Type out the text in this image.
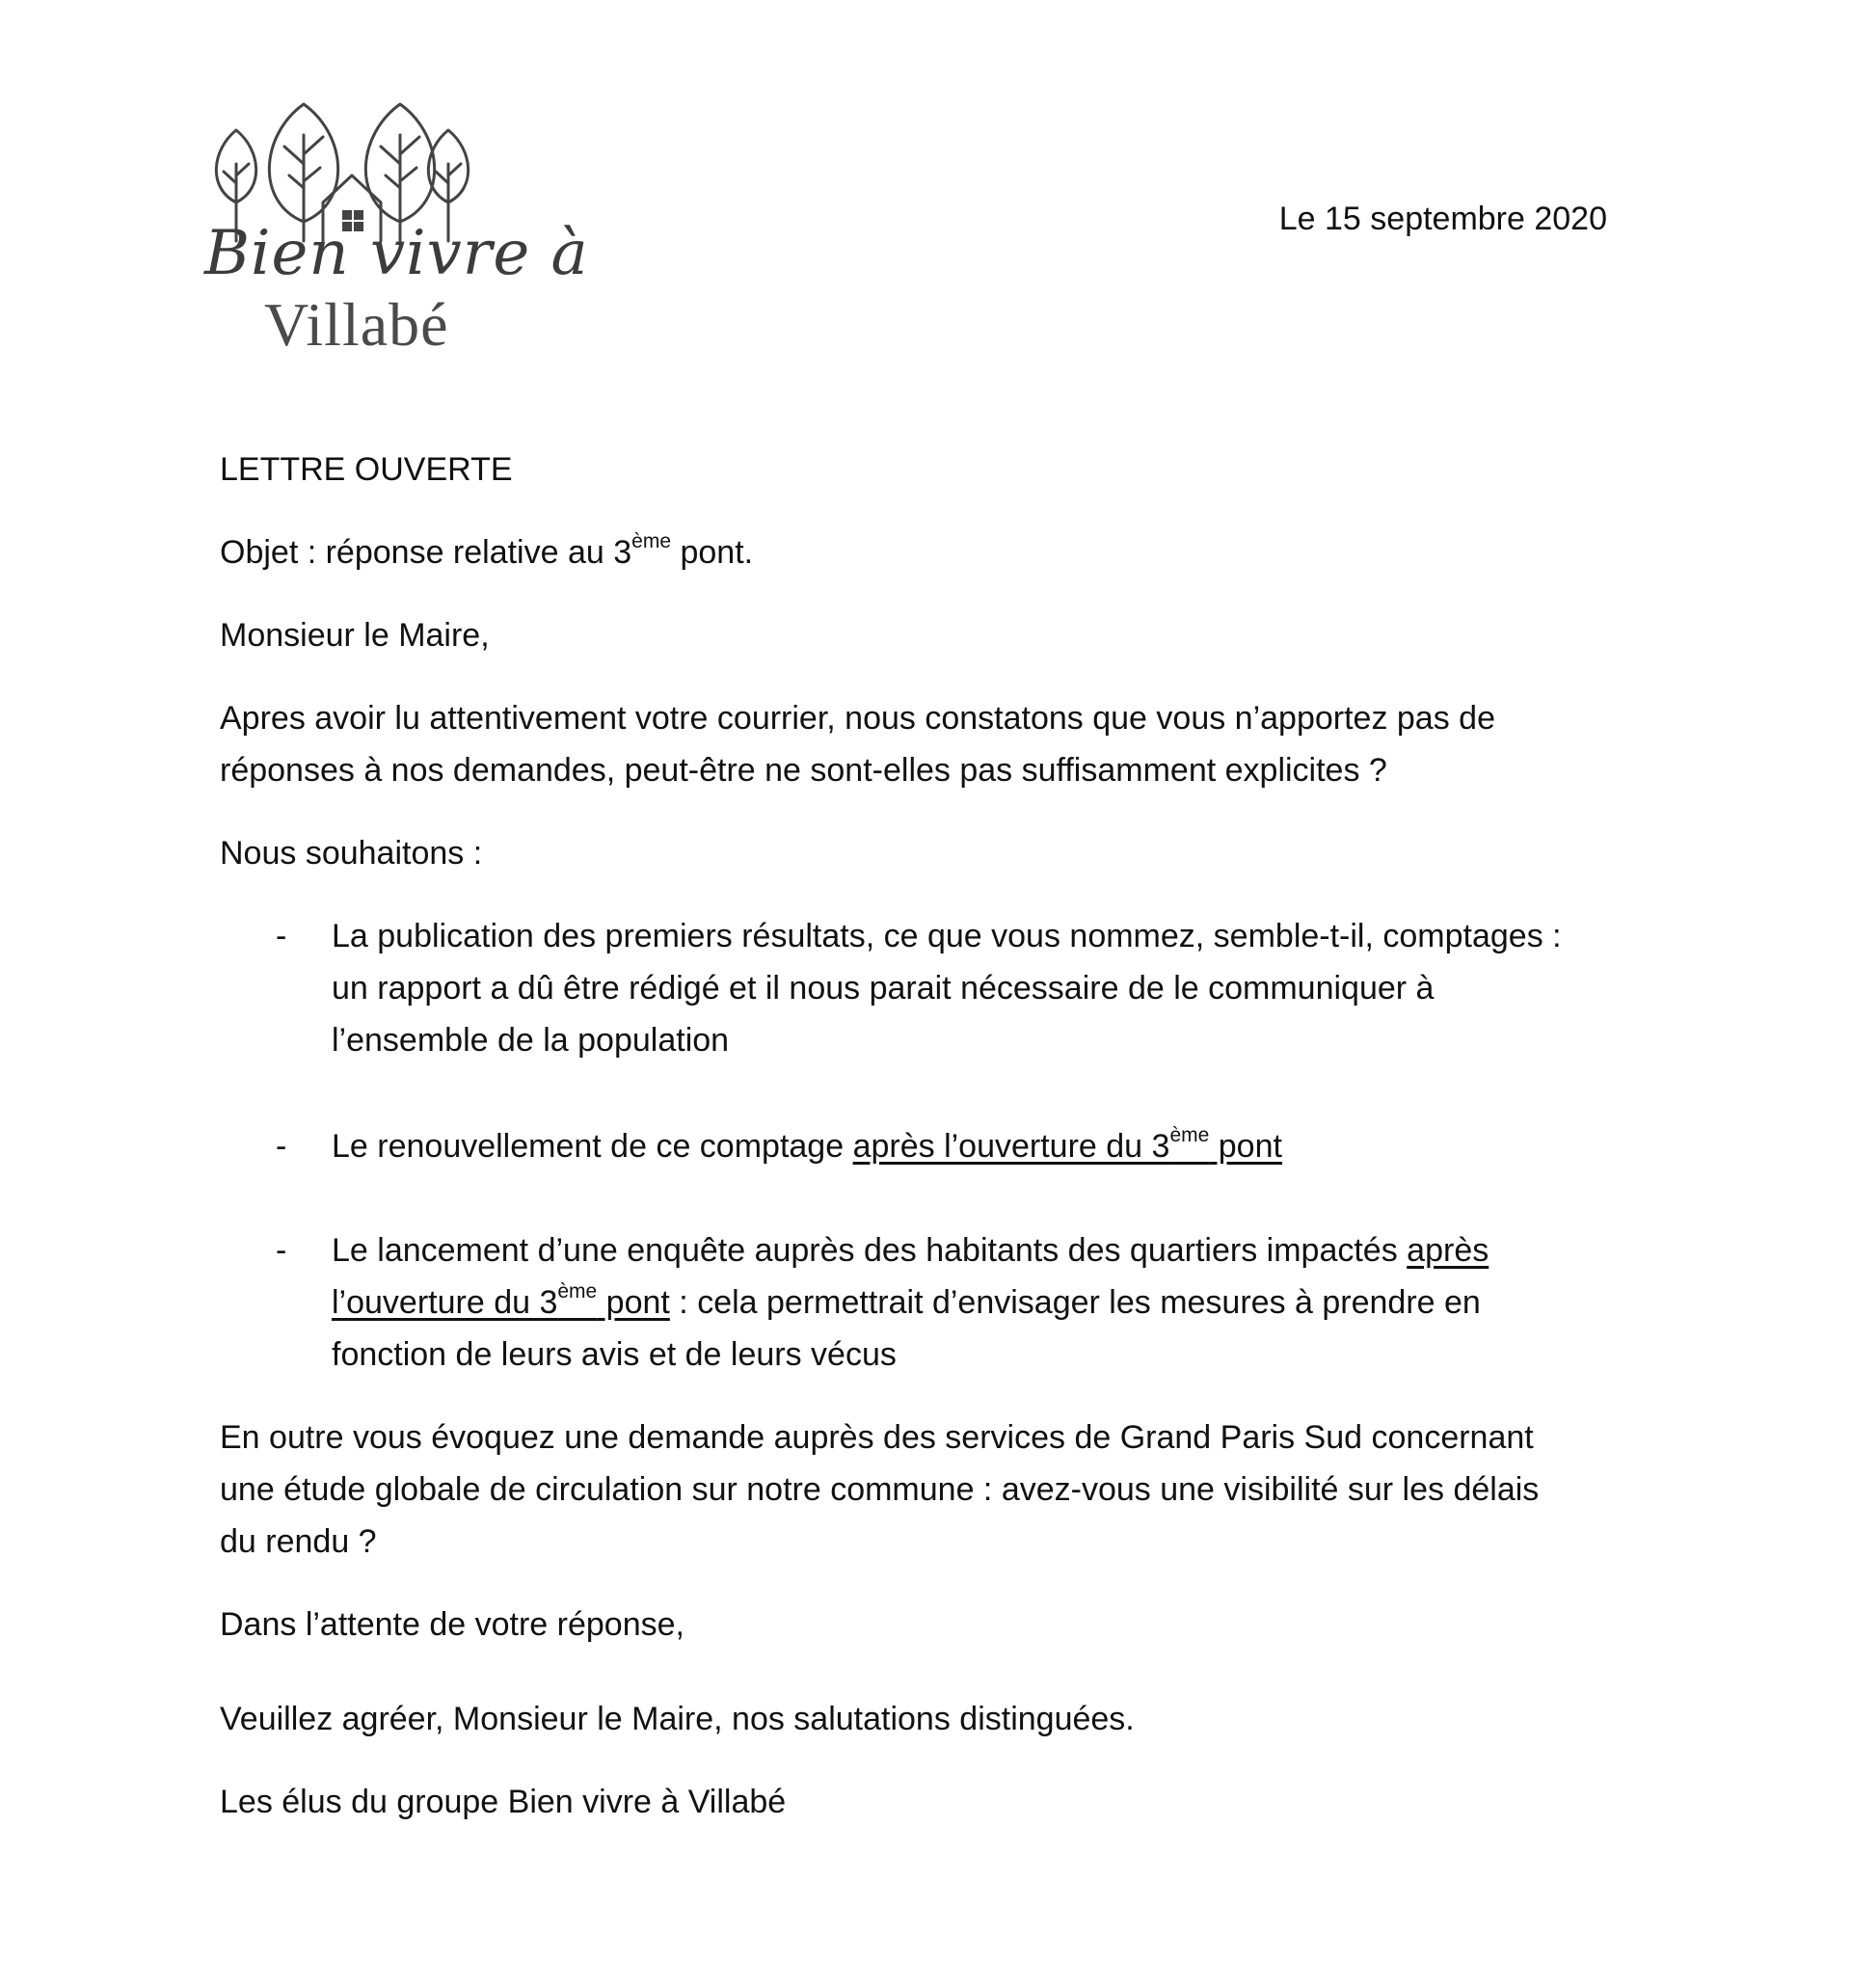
Bien vivre à
Villabé
Le 15 septembre 2020
LETTRE OUVERTE
Objet : réponse relative au 3ème pont.
Monsieur le Maire,
Apres avoir lu attentivement votre courrier, nous constatons que vous n’apportez pas de
réponses à nos demandes, peut-être ne sont-elles pas suffisamment explicites ?
Nous souhaitons :
- La publication des premiers résultats, ce que vous nommez, semble-t-il, comptages :
un rapport a dû être rédigé et il nous parait nécessaire de le communiquer à
l’ensemble de la population
- Le renouvellement de ce comptage après l’ouverture du 3ème pont
- Le lancement d’une enquête auprès des habitants des quartiers impactés après
l’ouverture du 3ème pont : cela permettrait d’envisager les mesures à prendre en
fonction de leurs avis et de leurs vécus
En outre vous évoquez une demande auprès des services de Grand Paris Sud concernant
une étude globale de circulation sur notre commune : avez-vous une visibilité sur les délais
du rendu ?
Dans l’attente de votre réponse,
Veuillez agréer, Monsieur le Maire, nos salutations distinguées.
Les élus du groupe Bien vivre à Villabé
